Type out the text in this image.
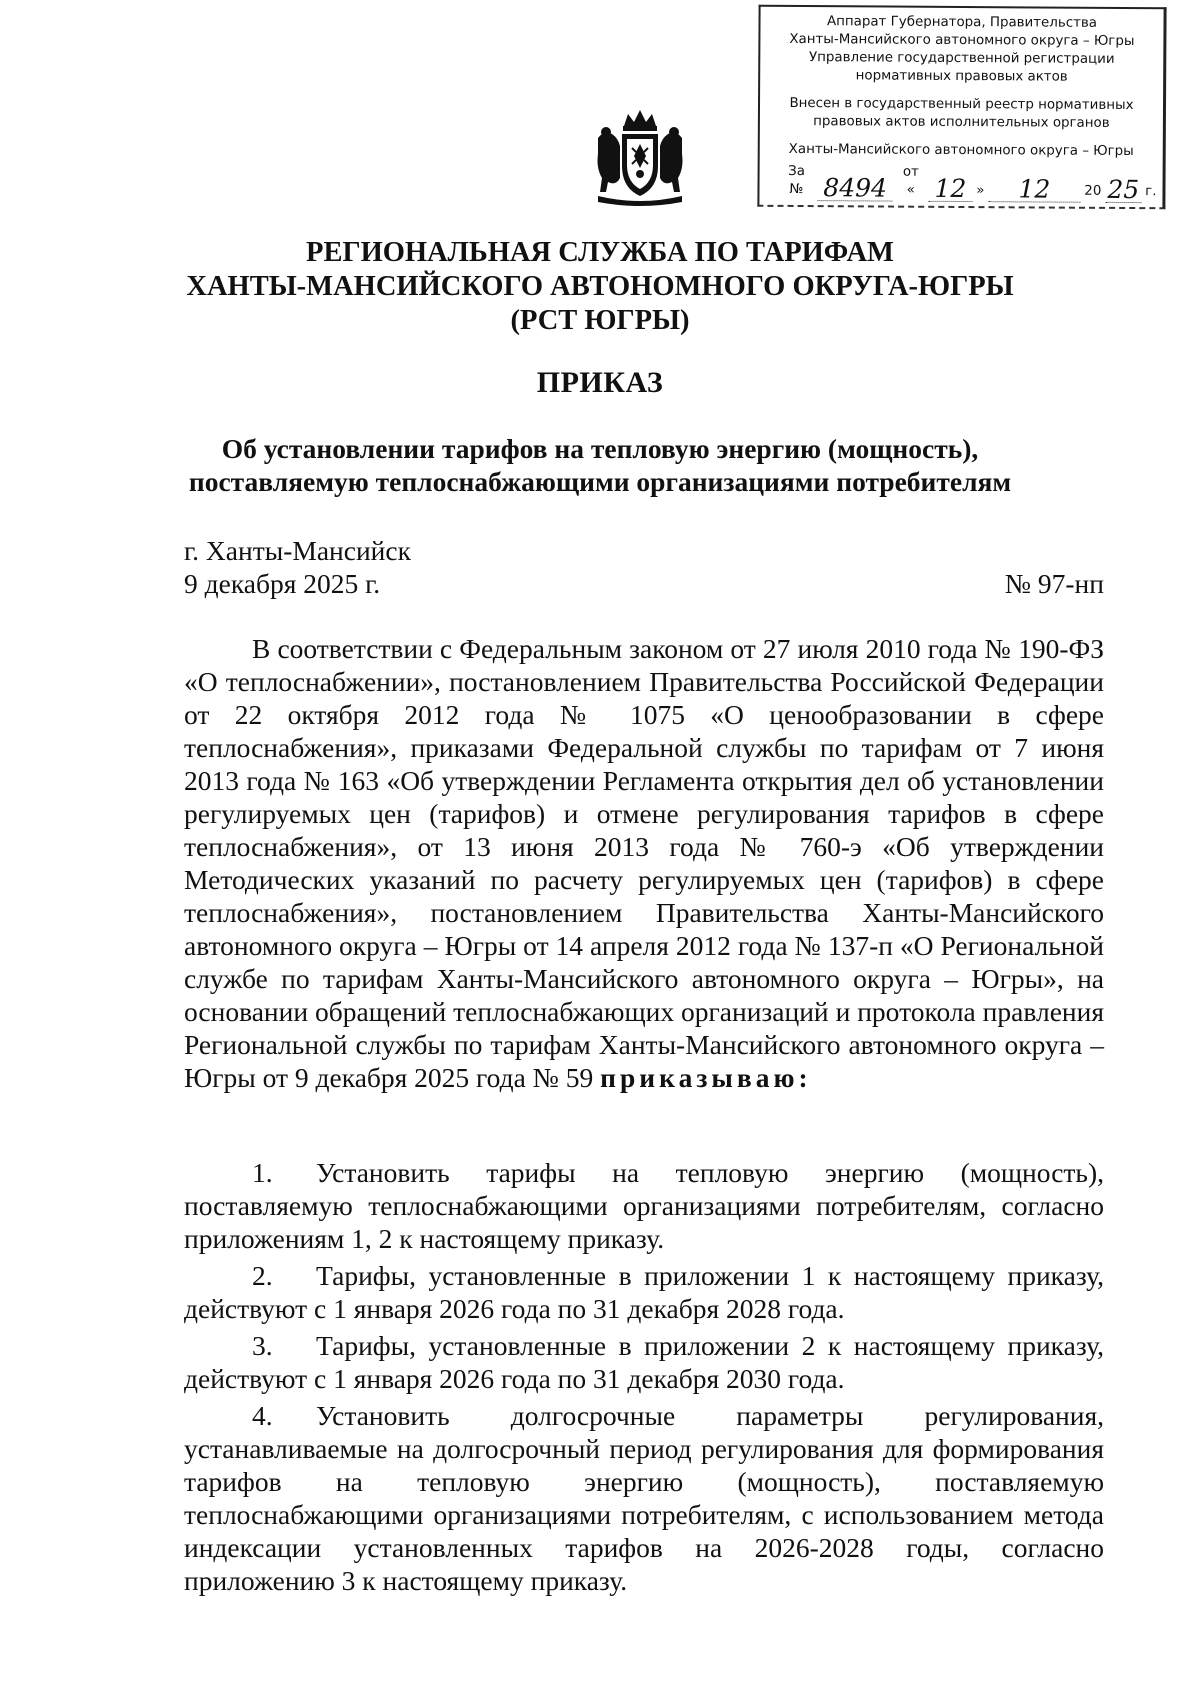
Аппарат Губернатора, Правительства
Ханты-Мансийского автономного округа – Югры
Управление государственной регистрации
нормативных правовых актов
Внесен в государственный реестр нормативных
правовых актов исполнительных органов
Ханты-Мансийского автономного округа – Югры
За № 8494
от « 12 »	12	20 25 г.
РЕГИОНАЛЬНАЯ СЛУЖБА ПО ТАРИФАМ
ХАНТЫ-МАНСИЙСКОГО АВТОНОМНОГО ОКРУГА-ЮГРЫ
(РСТ ЮГРЫ)
ПРИКАЗ
Об установлении тарифов на тепловую энергию (мощность),
поставляемую теплоснабжающими организациями потребителям
г. Ханты-Мансийск
9 декабря 2025 г.	№ 97-нп
В соответствии с Федеральным законом от 27 июля 2010 года № 190-ФЗ «О теплоснабжении», постановлением Правительства Российской Федерации от 22 октября 2012 года № 1075 «О ценообразовании в сфере теплоснабжения», приказами Федеральной службы по тарифам от 7 июня 2013 года № 163 «Об утверждении Регламента открытия дел об установлении регулируемых цен (тарифов) и отмене регулирования тарифов в сфере теплоснабжения», от 13 июня 2013 года № 760-э «Об утверждении Методических указаний по расчету регулируемых цен (тарифов) в сфере теплоснабжения», постановлением Правительства Ханты-Мансийского автономного округа – Югры от 14 апреля 2012 года № 137-п «О Региональной службе по тарифам Ханты-Мансийского автономного округа – Югры», на основании обращений теплоснабжающих организаций и протокола правления Региональной службы по тарифам Ханты-Мансийского автономного округа – Югры от 9 декабря 2025 года № 59 приказываю:
1. Установить тарифы на тепловую энергию (мощность), поставляемую теплоснабжающими организациями потребителям, согласно приложениям 1, 2 к настоящему приказу.
2. Тарифы, установленные в приложении 1 к настоящему приказу, действуют с 1 января 2026 года по 31 декабря 2028 года.
3. Тарифы, установленные в приложении 2 к настоящему приказу, действуют с 1 января 2026 года по 31 декабря 2030 года.
4. Установить долгосрочные параметры регулирования, устанавливаемые на долгосрочный период регулирования для формирования тарифов на тепловую энергию (мощность), поставляемую теплоснабжающими организациями потребителям, с использованием метода индексации установленных тарифов на 2026-2028 годы, согласно приложению 3 к настоящему приказу.
